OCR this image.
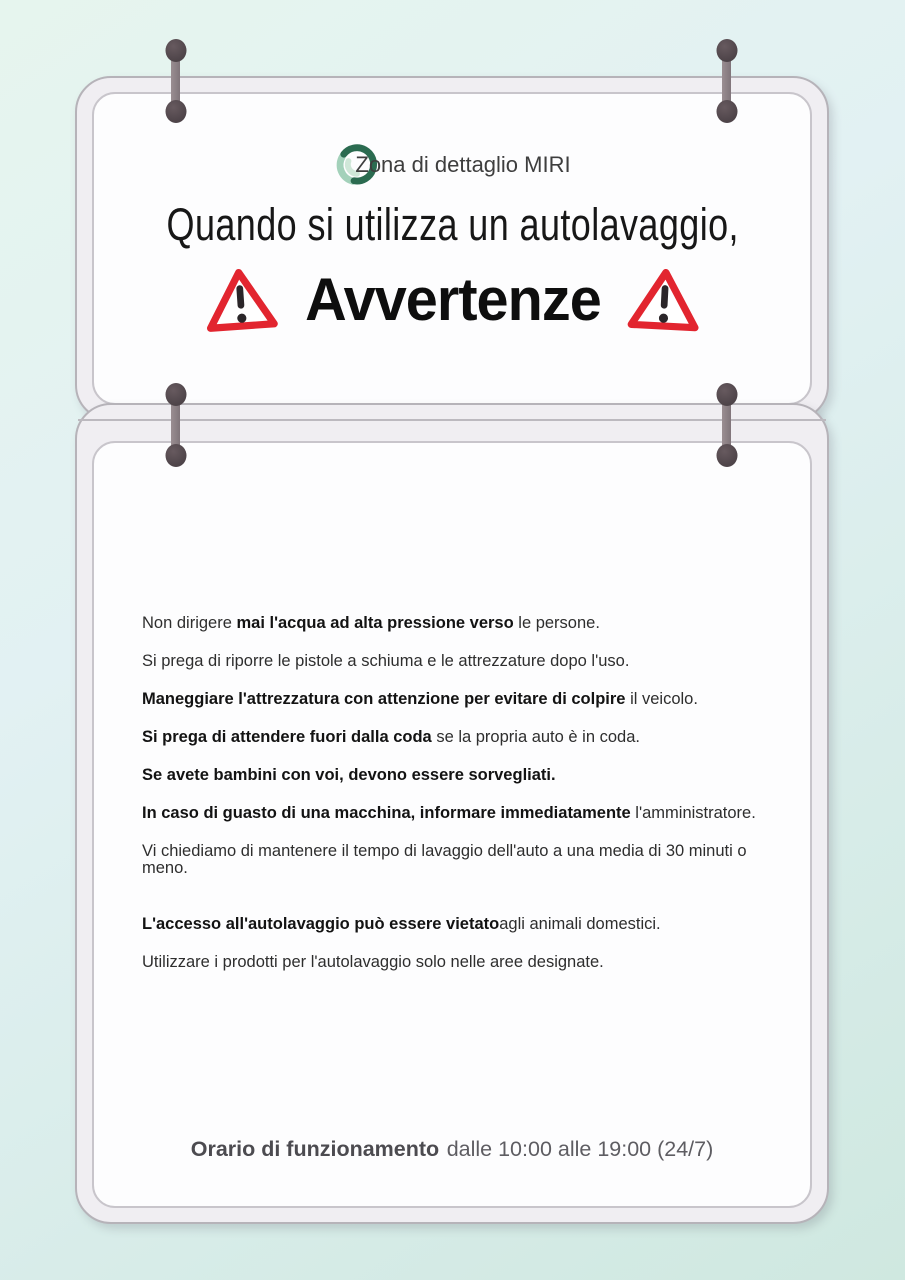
Non dirigere mai l'acqua ad alta pressione verso le persone.

Si prega di riporre le pistole a schiuma e le attrezzature dopo l'uso.

Maneggiare l'attrezzatura con attenzione per evitare di colpire il veicolo.

Si prega di attendere fuori dalla coda se la propria auto è in coda.

Se avete bambini con voi, devono essere sorvegliati.

In caso di guasto di una macchina, informare immediatamente l'amministratore.

Vi chiediamo di mantenere il tempo di lavaggio dell'auto a una media di 30 minuti o meno.

L'accesso all'autolavaggio può essere vietatoagli animali domestici.

Utilizzare i prodotti per l'autolavaggio solo nelle aree designate.

Orario di funzionamento dalle 10:00 alle 19:00 (24/7)

Zona di dettaglio MIRI
Quando si utilizza un autolavaggio,
Avvertenze
